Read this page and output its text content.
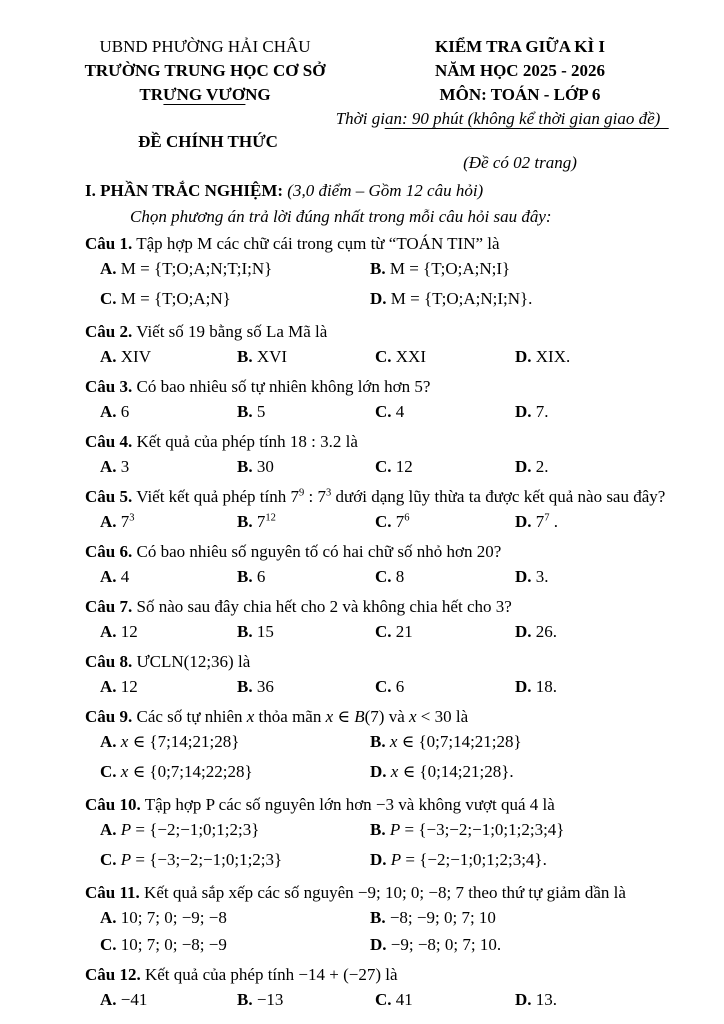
UBND PHƯỜNG HẢI CHÂU
TRƯỜNG TRUNG HỌC CƠ SỞ
TRƯNG VƯƠNG
ĐỀ CHÍNH THỨC
KIỂM TRA GIỮA KÌ I
NĂM HỌC 2025 - 2026
MÔN: TOÁN - LỚP 6
Thời gian: 90 phút (không kể thời gian giao đề)
(Đề có 02 trang)
I. PHẦN TRẮC NGHIỆM: (3,0 điểm – Gồm 12 câu hỏi)
Chọn phương án trả lời đúng nhất trong mỗi câu hỏi sau đây:
Câu 1. Tập hợp M các chữ cái trong cụm từ “TOÁN TIN” là
A. M = {T;O;A;N;T;I;N}	B. M = {T;O;A;N;I}
C. M = {T;O;A;N}	D. M = {T;O;A;N;I;N}.
Câu 2. Viết số 19 bằng số La Mã là
A. XIV	B. XVI	C. XXI	D. XIX.
Câu 3. Có bao nhiêu số tự nhiên không lớn hơn 5?
A. 6	B. 5	C. 4	D. 7.
Câu 4. Kết quả của phép tính 18 : 3.2 là
A. 3	B. 30	C. 12	D. 2.
Câu 5. Viết kết quả phép tính $7^9$ : $7^3$ dưới dạng lũy thừa ta được kết quả nào sau đây?
A. $7^3$	B. $7^{12}$	C. $7^6$	D. $7^7$ .
Câu 6. Có bao nhiêu số nguyên tố có hai chữ số nhỏ hơn 20?
A. 4	B. 6	C. 8	D. 3.
Câu 7. Số nào sau đây chia hết cho 2 và không chia hết cho 3?
A. 12	B. 15	C. 21	D. 26.
Câu 8. ƯCLN(12;36) là
A. 12	B. 36	C. 6	D. 18.
Câu 9. Các số tự nhiên x thỏa mãn x ∈ B(7) và x < 30 là
A. x ∈ {7;14;21;28}	B. x ∈ {0;7;14;21;28}
C. x ∈ {0;7;14;22;28}	D. x ∈ {0;14;21;28}.
Câu 10. Tập hợp P các số nguyên lớn hơn −3 và không vượt quá 4 là
A. P = {−2;−1;0;1;2;3}	B. P = {−3;−2;−1;0;1;2;3;4}
C. P = {−3;−2;−1;0;1;2;3}	D. P = {−2;−1;0;1;2;3;4}.
Câu 11. Kết quả sắp xếp các số nguyên −9; 10; 0; −8; 7 theo thứ tự giảm dần là
A. 10; 7; 0; −9; −8	B. −8; −9; 0; 7; 10
C. 10; 7; 0; −8; −9	D. −9; −8; 0; 7; 10.
Câu 12. Kết quả của phép tính −14 + (−27) là
A. −41	B. −13	C. 41	D. 13.
